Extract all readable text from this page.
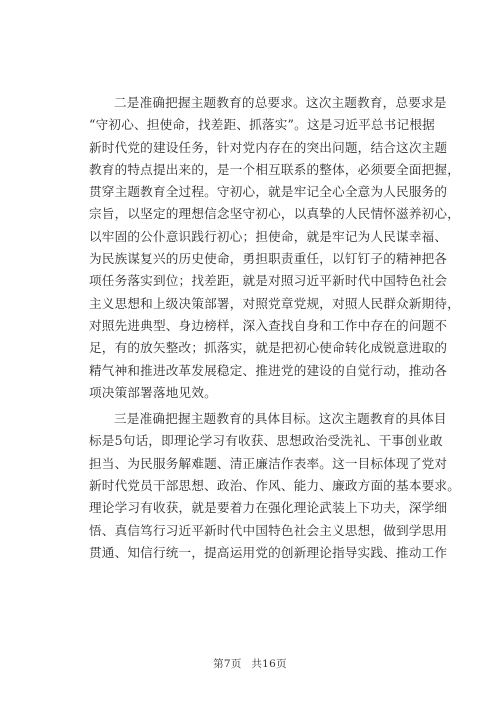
二是准确把握主题教育的总要求。这次主题教育，总要求是
“守初心、担使命，找差距、抓落实”。这是习近平总书记根据
新时代党的建设任务，针对党内存在的突出问题，结合这次主题
教育的特点提出来的，是一个相互联系的整体，必须要全面把握，
贯穿主题教育全过程。守初心，就是牢记全心全意为人民服务的
宗旨，以坚定的理想信念坚守初心，以真挚的人民情怀滋养初心，
以牢固的公仆意识践行初心；担使命，就是牢记为人民谋幸福、
为民族谋复兴的历史使命，勇担职责重任，以钉钉子的精神把各
项任务落实到位；找差距，就是对照习近平新时代中国特色社会
主义思想和上级决策部署，对照党章党规，对照人民群众新期待，
对照先进典型、身边榜样，深入查找自身和工作中存在的问题不
足，有的放矢整改；抓落实，就是把初心使命转化成锐意进取的
精气神和推进改革发展稳定、推进党的建设的自觉行动，推动各
项决策部署落地见效。
三是准确把握主题教育的具体目标。这次主题教育的具体目
标是5句话，即理论学习有收获、思想政治受洗礼、干事创业敢
担当、为民服务解难题、清正廉洁作表率。这一目标体现了党对
新时代党员干部思想、政治、作风、能力、廉政方面的基本要求。
理论学习有收获，就是要着力在强化理论武装上下功夫，深学细
悟、真信笃行习近平新时代中国特色社会主义思想，做到学思用
贯通、知信行统一，提高运用党的创新理论指导实践、推动工作
第7页 共16页
